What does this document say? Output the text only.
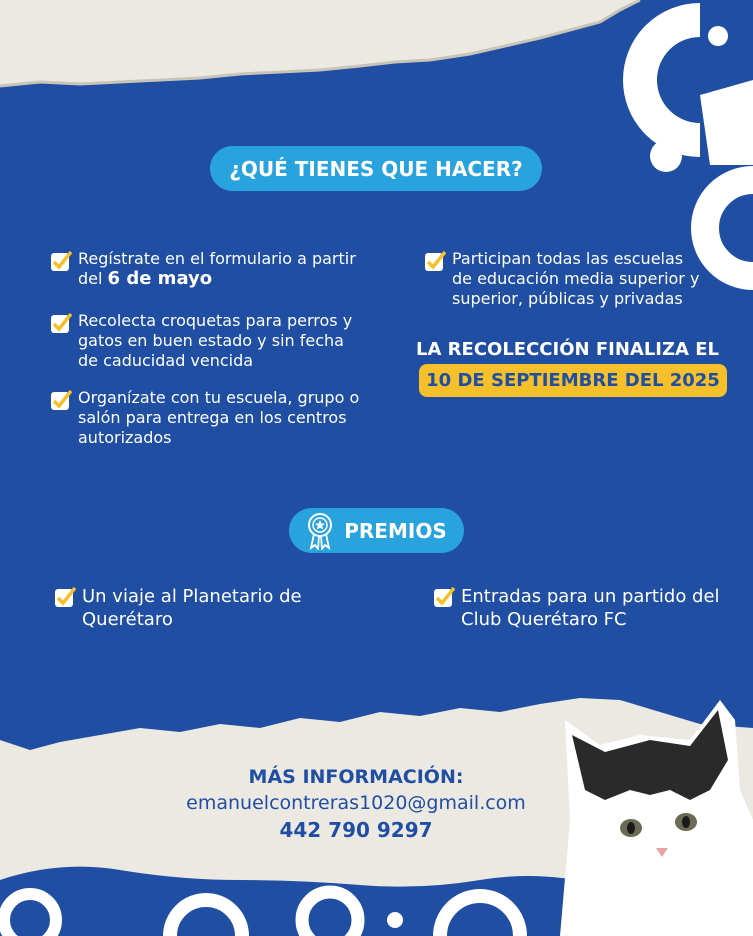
¿QUÉ TIENES QUE HACER?
Regístrate en el formulario a partir del 6 de mayo
Recolecta croquetas para perros y gatos en buen estado y sin fecha de caducidad vencida
Organízate con tu escuela, grupo o salón para entrega en los centros autorizados
Participan todas las escuelas de educación media superior y superior, públicas y privadas
LA RECOLECCIÓN FINALIZA EL
10 DE SEPTIEMBRE DEL 2025
PREMIOS
Un viaje al Planetario de Querétaro
Entradas para un partido del Club Querétaro FC
MÁS INFORMACIÓN:
emanuelcontreras1020@gmail.com
442 790 9297
